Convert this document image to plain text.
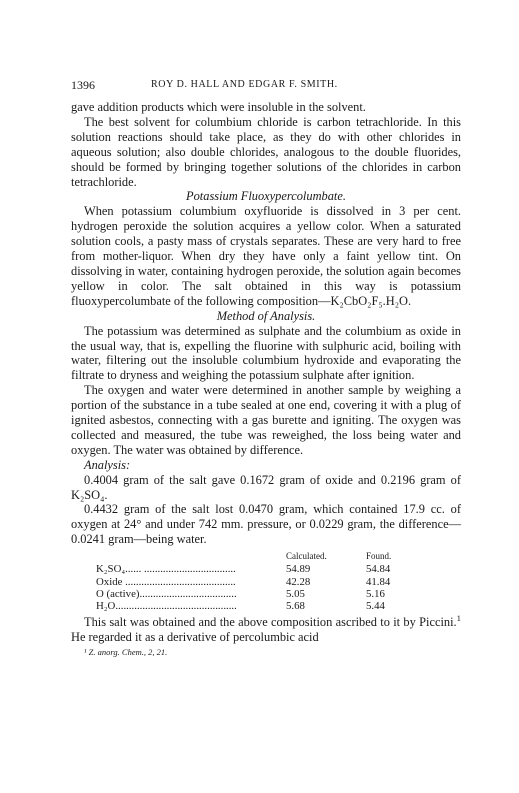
1396	ROY D. HALL AND EDGAR F. SMITH.

gave addition products which were insoluble in the solvent.

The best solvent for columbium chloride is carbon tetrachloride. In this solution reactions should take place, as they do with other chlorides in aqueous solution; also double chlorides, analogous to the double fluorides, should be formed by bringing together solutions of the chlorides in carbon tetrachloride.

Potassium Fluoxypercolumbate.

When potassium columbium oxyfluoride is dissolved in 3 per cent. hydrogen peroxide the solution acquires a yellow color. When a saturated solution cools, a pasty mass of crystals separates. These are very hard to free from mother-liquor. When dry they have only a faint yellow tint. On dissolving in water, containing hydrogen peroxide, the solution again becomes yellow in color. The salt obtained in this way is potassium fluoxypercolumbate of the following composition—K₂CbO₂F₅.H₂O.

Method of Analysis.

The potassium was determined as sulphate and the columbium as oxide in the usual way, that is, expelling the fluorine with sulphuric acid, boiling with water, filtering out the insoluble columbium hydroxide and evaporating the filtrate to dryness and weighing the potassium sulphate after ignition.

The oxygen and water were determined in another sample by weighing a portion of the substance in a tube sealed at one end, covering it with a plug of ignited asbestos, connecting with a gas burette and igniting. The oxygen was collected and measured, the tube was reweighed, the loss being water and oxygen. The water was obtained by difference.

Analysis:

0.4004 gram of the salt gave 0.1672 gram of oxide and 0.2196 gram of K₂SO₄.

0.4432 gram of the salt lost 0.0470 gram, which contained 17.9 cc. of oxygen at 24° and under 742 mm. pressure, or 0.0229 gram, the difference—0.0241 gram—being water.

	Calculated.	Found.
K₂SO₄...... ..................................	54.89	54.84
Oxide .........................................	42.28	41.84
O (active)....................................	5.05	5.16
H₂O.............................................	5.68	5.44

This salt was obtained and the above composition ascribed to it by Piccini.$^1$ He regarded it as a derivative of percolumbic acid

¹ Z. anorg. Chem., 2, 21.
